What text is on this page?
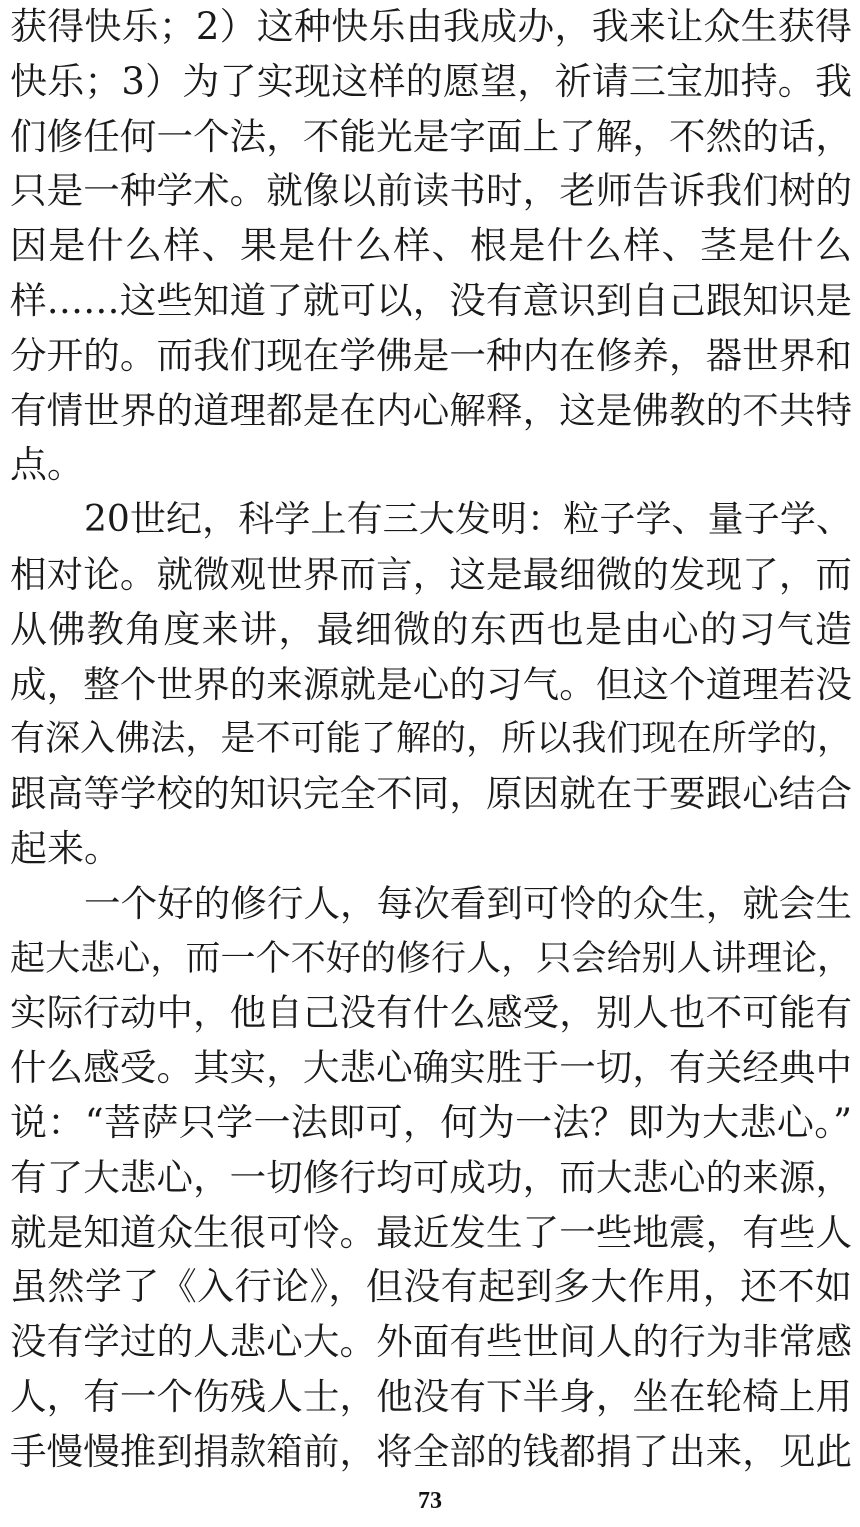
获得快乐；2）这种快乐由我成办，我来让众生获得
快乐；3）为了实现这样的愿望，祈请三宝加持。我
们修任何一个法，不能光是字面上了解，不然的话，
只是一种学术。就像以前读书时，老师告诉我们树的
因是什么样、果是什么样、根是什么样、茎是什么
样……这些知道了就可以，没有意识到自己跟知识是
分开的。而我们现在学佛是一种内在修养，器世界和
有情世界的道理都是在内心解释，这是佛教的不共特
点。
20世纪，科学上有三大发明：粒子学、量子学、
相对论。就微观世界而言，这是最细微的发现了，而
从佛教角度来讲，最细微的东西也是由心的习气造
成，整个世界的来源就是心的习气。但这个道理若没
有深入佛法，是不可能了解的，所以我们现在所学的，
跟高等学校的知识完全不同，原因就在于要跟心结合
起来。
一个好的修行人，每次看到可怜的众生，就会生
起大悲心，而一个不好的修行人，只会给别人讲理论，
实际行动中，他自己没有什么感受，别人也不可能有
什么感受。其实，大悲心确实胜于一切，有关经典中
说：“菩萨只学一法即可，何为一法？即为大悲心。”
有了大悲心，一切修行均可成功，而大悲心的来源，
就是知道众生很可怜。最近发生了一些地震，有些人
虽然学了《入行论》，但没有起到多大作用，还不如
没有学过的人悲心大。外面有些世间人的行为非常感
人，有一个伤残人士，他没有下半身，坐在轮椅上用
手慢慢推到捐款箱前，将全部的钱都捐了出来，见此
73
